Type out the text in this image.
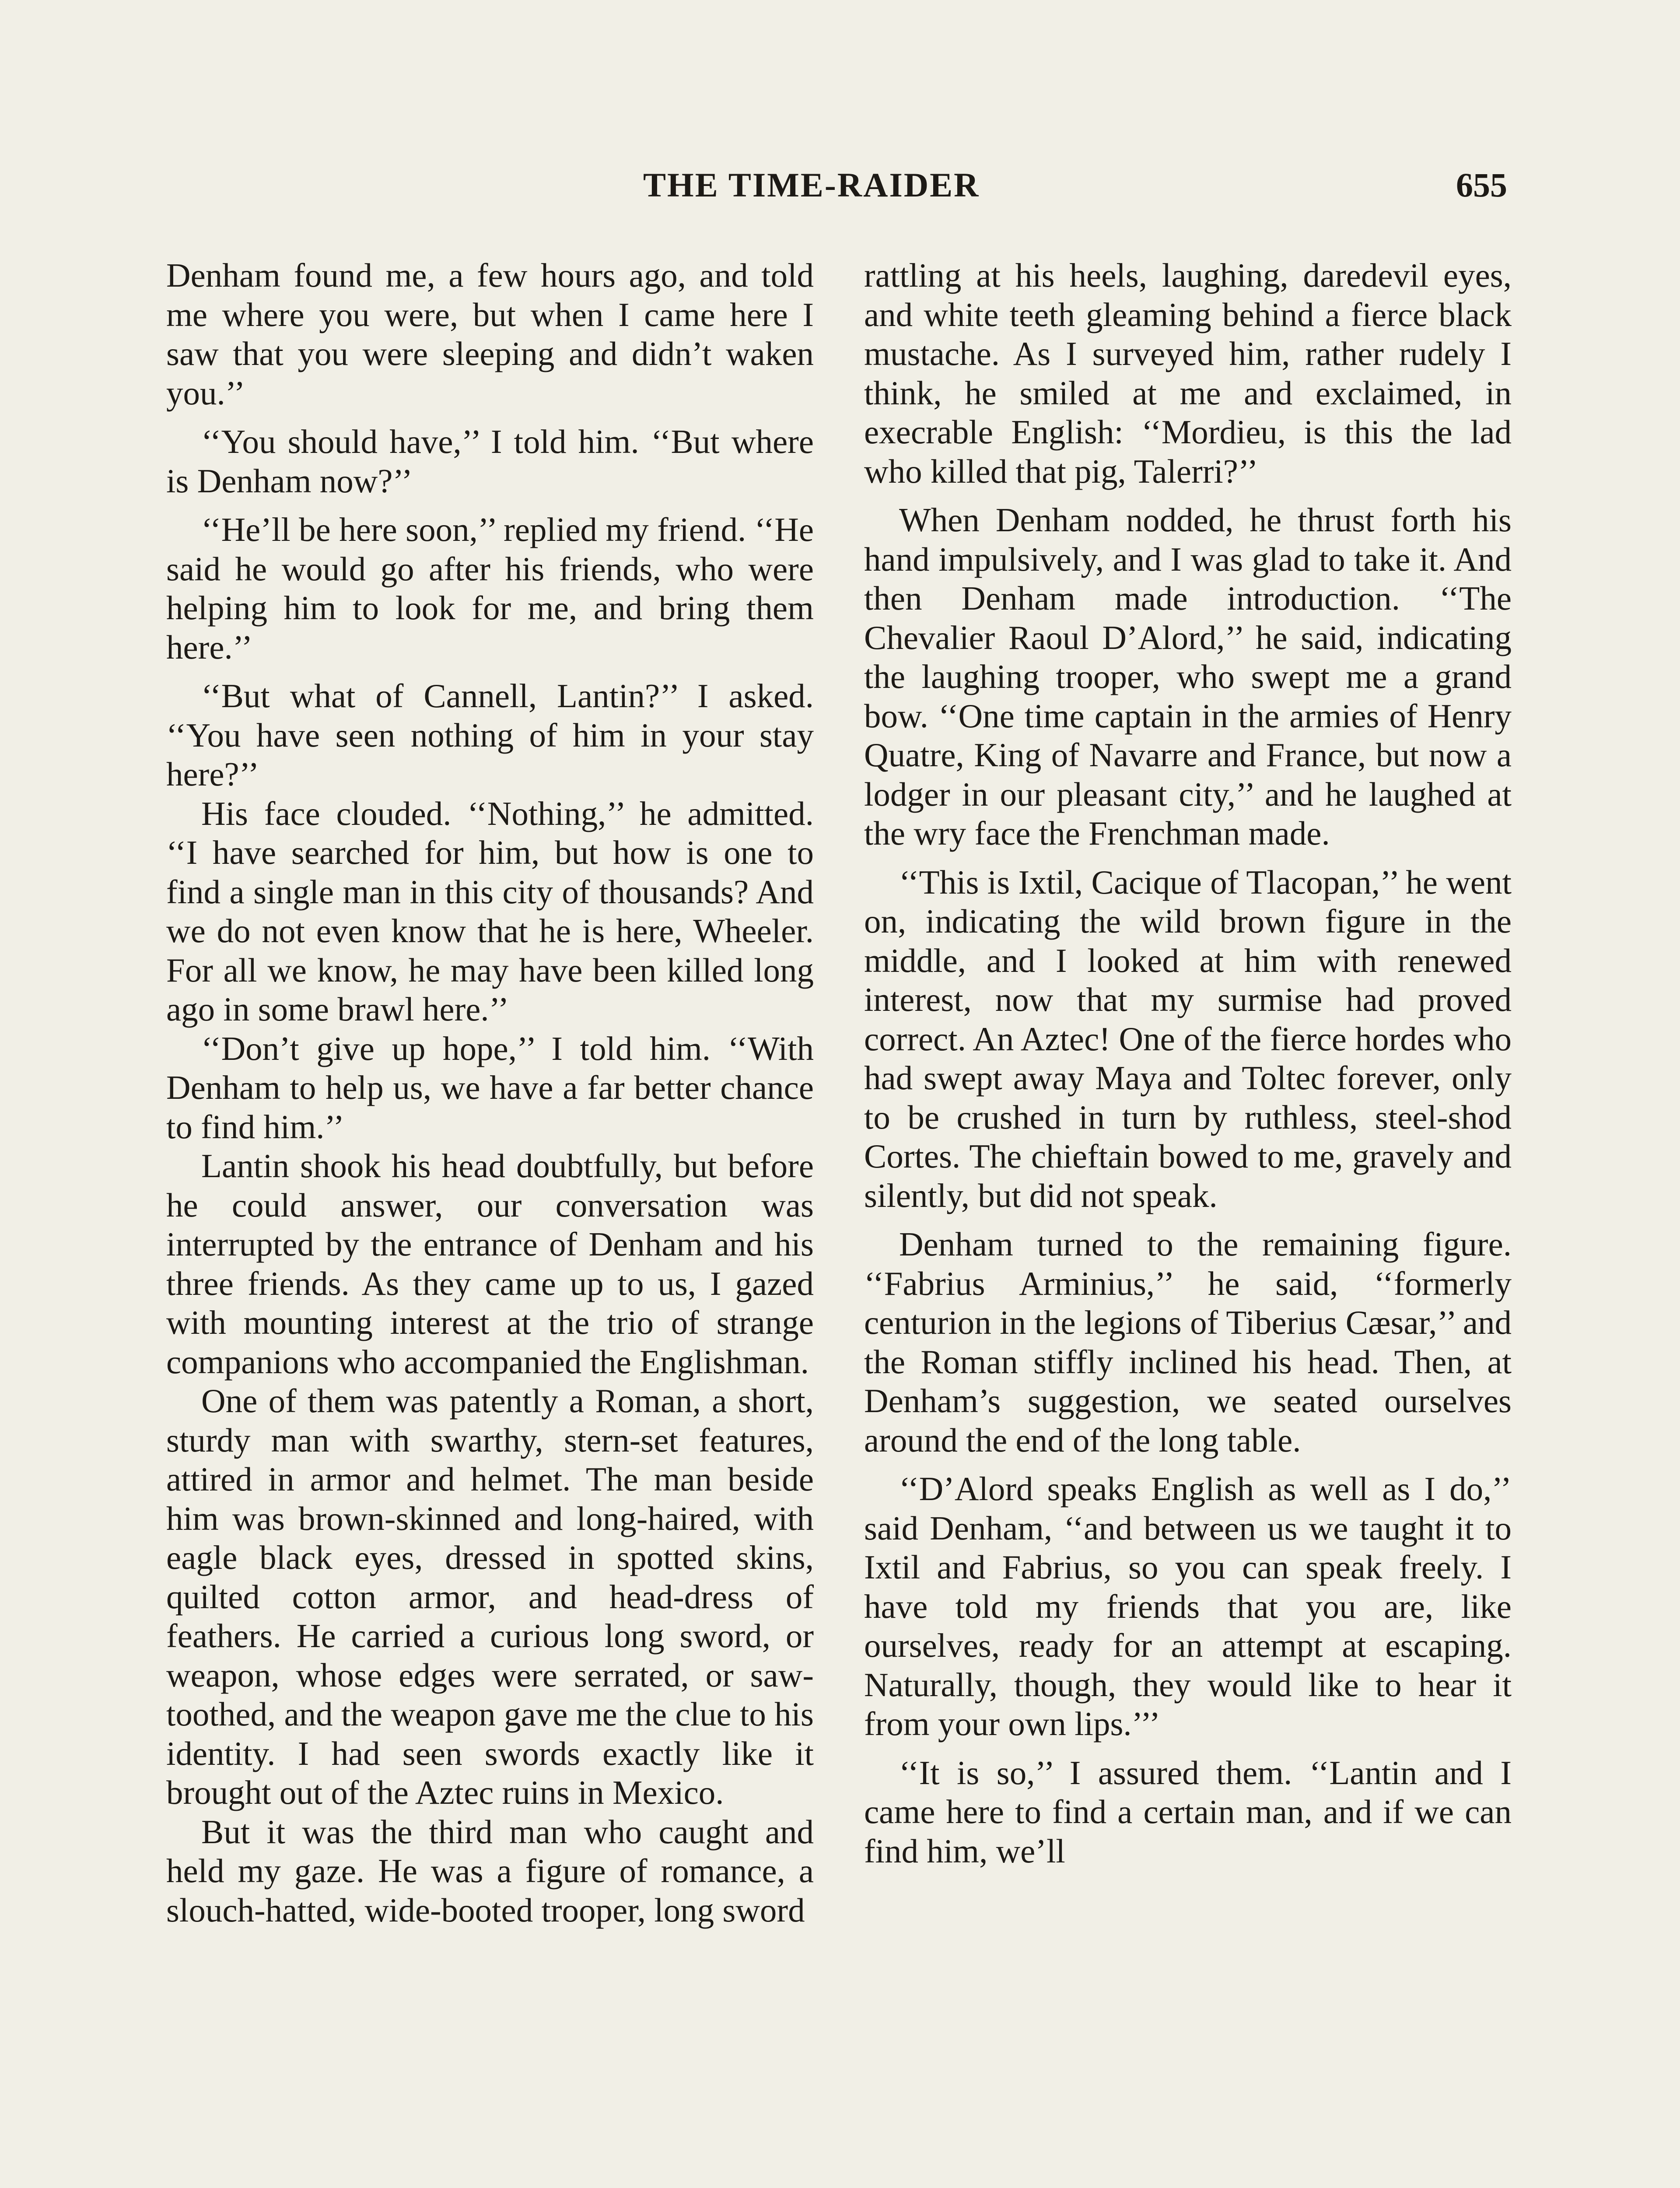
THE TIME-RAIDER	655

Denham found me, a few hours ago, and told me where you were, but when I came here I saw that you were sleeping and didn’t waken you.’’

‘‘You should have,’’ I told him. ‘‘But where is Denham now?’’

‘‘He’ll be here soon,’’ replied my friend. ‘‘He said he would go after his friends, who were helping him to look for me, and bring them here.’’

‘‘But what of Cannell, Lantin?’’ I asked. ‘‘You have seen nothing of him in your stay here?’’

His face clouded. ‘‘Nothing,’’ he admitted. ‘‘I have searched for him, but how is one to find a single man in this city of thousands? And we do not even know that he is here, Wheeler. For all we know, he may have been killed long ago in some brawl here.’’

‘‘Don’t give up hope,’’ I told him. ‘‘With Denham to help us, we have a far better chance to find him.’’

Lantin shook his head doubtfully, but before he could answer, our conversation was interrupted by the entrance of Denham and his three friends. As they came up to us, I gazed with mounting interest at the trio of strange companions who accompanied the Englishman.

One of them was patently a Roman, a short, sturdy man with swarthy, stern-set features, attired in armor and helmet. The man beside him was brown-skinned and long-haired, with eagle black eyes, dressed in spotted skins, quilted cotton armor, and head-dress of feathers. He carried a curious long sword, or weapon, whose edges were serrated, or saw-toothed, and the weapon gave me the clue to his identity. I had seen swords exactly like it brought out of the Aztec ruins in Mexico.

But it was the third man who caught and held my gaze. He was a figure of romance, a slouch-hatted, wide-booted trooper, long sword

rattling at his heels, laughing, daredevil eyes, and white teeth gleaming behind a fierce black mustache. As I surveyed him, rather rudely I think, he smiled at me and exclaimed, in execrable English: ‘‘Mordieu, is this the lad who killed that pig, Talerri?’’

When Denham nodded, he thrust forth his hand impulsively, and I was glad to take it. And then Denham made introduction. ‘‘The Chevalier Raoul D’Alord,’’ he said, indicating the laughing trooper, who swept me a grand bow. ‘‘One time captain in the armies of Henry Quatre, King of Navarre and France, but now a lodger in our pleasant city,’’ and he laughed at the wry face the Frenchman made.

‘‘This is Ixtil, Cacique of Tlacopan,’’ he went on, indicating the wild brown figure in the middle, and I looked at him with renewed interest, now that my surmise had proved correct. An Aztec! One of the fierce hordes who had swept away Maya and Toltec forever, only to be crushed in turn by ruthless, steel-shod Cortes. The chieftain bowed to me, gravely and silently, but did not speak.

Denham turned to the remaining figure. ‘‘Fabrius Arminius,’’ he said, ‘‘formerly centurion in the legions of Tiberius Cæsar,’’ and the Roman stiffly inclined his head. Then, at Denham’s suggestion, we seated ourselves around the end of the long table.

‘‘D’Alord speaks English as well as I do,’’ said Denham, ‘‘and between us we taught it to Ixtil and Fabrius, so you can speak freely. I have told my friends that you are, like ourselves, ready for an attempt at escaping. Naturally, though, they would like to hear it from your own lips.’’’

‘‘It is so,’’ I assured them. ‘‘Lantin and I came here to find a certain man, and if we can find him, we’ll
